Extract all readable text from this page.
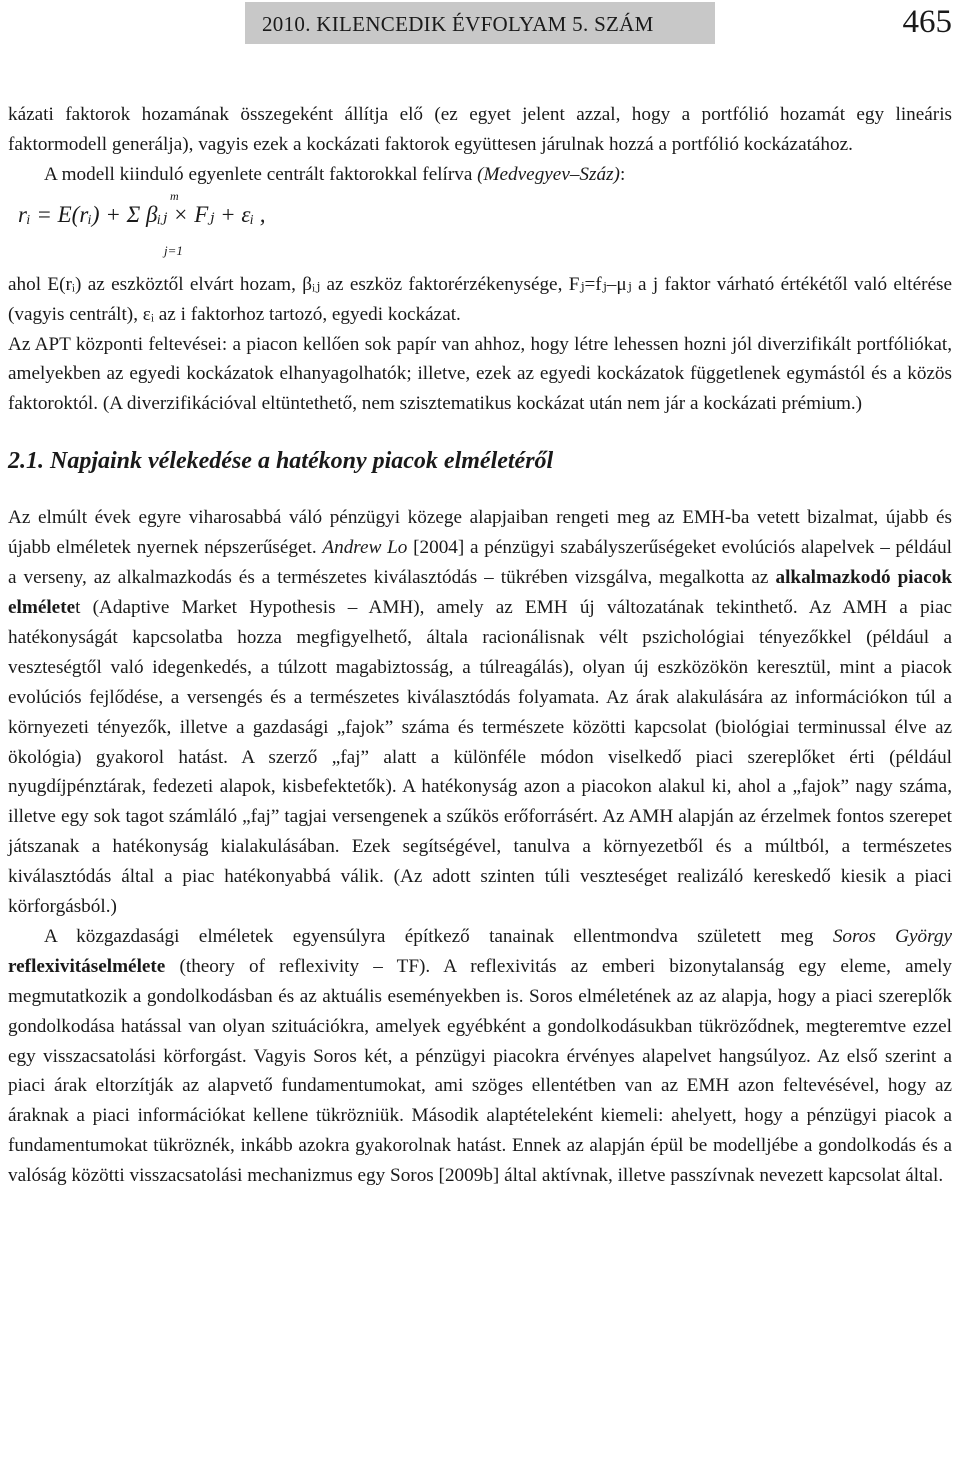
2010. KILENCEDIK ÉVFOLYAM 5. SZÁM	465

kázati faktorok hozamának összegeként állítja elő (ez egyet jelent azzal, hogy a portfólió hozamát egy lineáris faktormodell generálja), vagyis ezek a kockázati faktorok együttesen járulnak hozzá a portfólió kockázatához.

A modell kiinduló egyenlete centrált faktorokkal felírva (Medvegyev–Száz):

m
rᵢ = E(rᵢ) + Σ βᵢⱼ × Fⱼ + εᵢ ,
j=1

ahol E(rᵢ) az eszköztől elvárt hozam, βᵢⱼ az eszköz faktorérzékenysége, Fⱼ=fⱼ–μⱼ a j faktor várható értékétől való eltérése (vagyis centrált), εᵢ az i faktorhoz tartozó, egyedi kockázat.

Az APT központi feltevései: a piacon kellően sok papír van ahhoz, hogy létre lehessen hozni jól diverzifikált portfóliókat, amelyekben az egyedi kockázatok elhanyagolhatók; illetve, ezek az egyedi kockázatok függetlenek egymástól és a közös faktoroktól. (A diverzifikációval eltüntethető, nem szisztematikus kockázat után nem jár a kockázati prémium.)

2.1. Napjaink vélekedése a hatékony piacok elméletéről

Az elmúlt évek egyre viharosabbá váló pénzügyi közege alapjaiban rengeti meg az EMH-ba vetett bizalmat, újabb és újabb elméletek nyernek népszerűséget. Andrew Lo [2004] a pénzügyi szabályszerűségeket evolúciós alapelvek – például a verseny, az alkalmazkodás és a természetes kiválasztódás – tükrében vizsgálva, megalkotta az alkalmazkodó piacok elméletet (Adaptive Market Hypothesis – AMH), amely az EMH új változatának tekinthető. Az AMH a piac hatékonyságát kapcsolatba hozza megfigyelhető, általa racionálisnak vélt pszichológiai tényezőkkel (például a veszteségtől való idegenkedés, a túlzott magabiztosság, a túlreagálás), olyan új eszközökön keresztül, mint a piacok evolúciós fejlődése, a versengés és a természetes kiválasztódás folyamata. Az árak alakulására az információkon túl a környezeti tényezők, illetve a gazdasági „fajok” száma és természete közötti kapcsolat (biológiai terminussal élve az ökológia) gyakorol hatást. A szerző „faj” alatt a különféle módon viselkedő piaci szereplőket érti (például nyugdíjpénztárak, fedezeti alapok, kisbefektetők). A hatékonyság azon a piacokon alakul ki, ahol a „fajok” nagy száma, illetve egy sok tagot számláló „faj” tagjai versengenek a szűkös erőforrásért. Az AMH alapján az érzelmek fontos szerepet játszanak a hatékonyság kialakulásában. Ezek segítségével, tanulva a környezetből és a múltból, a természetes kiválasztódás által a piac hatékonyabbá válik. (Az adott szinten túli veszteséget realizáló kereskedő kiesik a piaci körforgásból.)

A közgazdasági elméletek egyensúlyra építkező tanainak ellentmondva született meg Soros György reflexivitáselmélete (theory of reflexivity – TF). A reflexivitás az emberi bizonytalanság egy eleme, amely megmutatkozik a gondolkodásban és az aktuális eseményekben is. Soros elméletének az az alapja, hogy a piaci szereplők gondolkodása hatással van olyan szituációkra, amelyek egyébként a gondolkodásukban tükröződnek, megteremtve ezzel egy visszacsatolási körforgást. Vagyis Soros két, a pénzügyi piacokra érvényes alapelvet hangsúlyoz. Az első szerint a piaci árak eltorzítják az alapvető fundamentumokat, ami szöges ellentétben van az EMH azon feltevésével, hogy az áraknak a piaci információkat kellene tükrözniük. Második alaptételeként kiemeli: ahelyett, hogy a pénzügyi piacok a fundamentumokat tükröznék, inkább azokra gyakorolnak hatást. Ennek az alapján épül be modelljébe a gondolkodás és a valóság közötti visszacsatolási mechanizmus egy Soros [2009b] által aktívnak, illetve passzívnak nevezett kapcsolat által.
